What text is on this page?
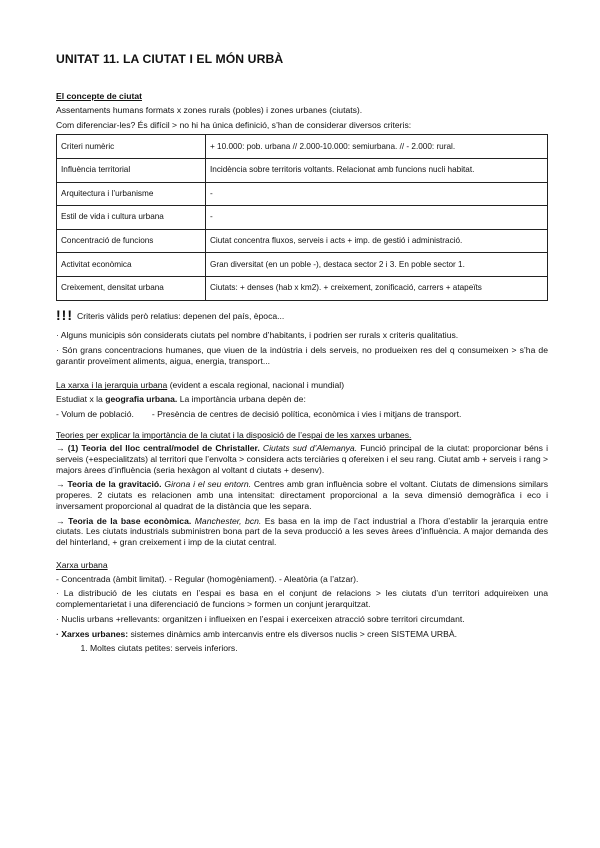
UNITAT 11. LA CIUTAT I EL MÓN URBÀ
El concepte de ciutat

Assentaments humans formats x zones rurals (pobles) i zones urbanes (ciutats).

Com diferenciar-les? És difícil > no hi ha única definició, s’han de considerar diversos criteris:

Criteri numèric	+ 10.000: pob. urbana // 2.000-10.000: semiurbana. // - 2.000: rural.
Influència territorial	Incidència sobre territoris voltants. Relacionat amb funcions nucli habitat.
Arquitectura i l’urbanisme	-
Estil de vida i cultura urbana	-
Concentració de funcions	Ciutat concentra fluxos, serveis i acts + imp. de gestió i administració.
Activitat econòmica	Gran diversitat (en un poble -), destaca sector 2 i 3. En poble sector 1.
Creixement, densitat urbana	Ciutats: + denses (hab x km2). + creixement, zonificació, carrers + atapeïts
!!! Criteris vàlids però relatius: depenen del país, època...

· Alguns municipis són considerats ciutats pel nombre d’habitants, i podrien ser rurals x criteris qualitatius.

· Són grans concentracions humanes, que viuen de la indústria i dels serveis, no produeixen res del q consumeixen > s’ha de garantir proveïment aliments, aigua, energia, transport...

La xarxa i la jerarquia urbana (evident a escala regional, nacional i mundial)

Estudiat x la geografia urbana. La importància urbana depèn de:

- Volum de població. - Presència de centres de decisió política, econòmica i vies i mitjans de transport.

Teories per explicar la importància de la ciutat i la disposició de l’espai de les xarxes urbanes.

→ (1) Teoria del lloc central/model de Christaller. Ciutats sud d’Alemanya. Funció principal de la ciutat: proporcionar béns i serveis (+especialitzats) al territori que l’envolta > considera acts terciàries q ofereixen i el seu rang. Ciutat amb + serveis i rang > majors àrees d’influència (seria hexàgon al voltant d ciutats + desenv).

→ Teoria de la gravitació. Girona i el seu entorn. Centres amb gran influència sobre el voltant. Ciutats de dimensions similars properes. 2 ciutats es relacionen amb una intensitat: directament proporcional a la seva dimensió demogràfica i eco i inversament proporcional al quadrat de la distància que les separa.

→ Teoria de la base econòmica. Manchester, bcn. Es basa en la imp de l’act industrial a l’hora d’establir la jerarquia entre ciutats. Les ciutats industrials subministren bona part de la seva producció a les seves àrees d’influència. A major demanda des del hinterland, + gran creixement i imp de la ciutat central.

Xarxa urbana

- Concentrada (àmbit limitat). - Regular (homogèniament). - Aleatòria (a l’atzar).

· La distribució de les ciutats en l’espai es basa en el conjunt de relacions > les ciutats d’un territori adquireixen una complementarietat i una diferenciació de funcions > formen un conjunt jerarquitzat.

· Nuclis urbans +rellevants: organitzen i influeixen en l’espai i exerceixen atracció sobre territori circumdant.

· Xarxes urbanes: sistemes dinàmics amb intercanvis entre els diversos nuclis > creen SISTEMA URBÀ.

1. Moltes ciutats petites: serveis inferiors.
